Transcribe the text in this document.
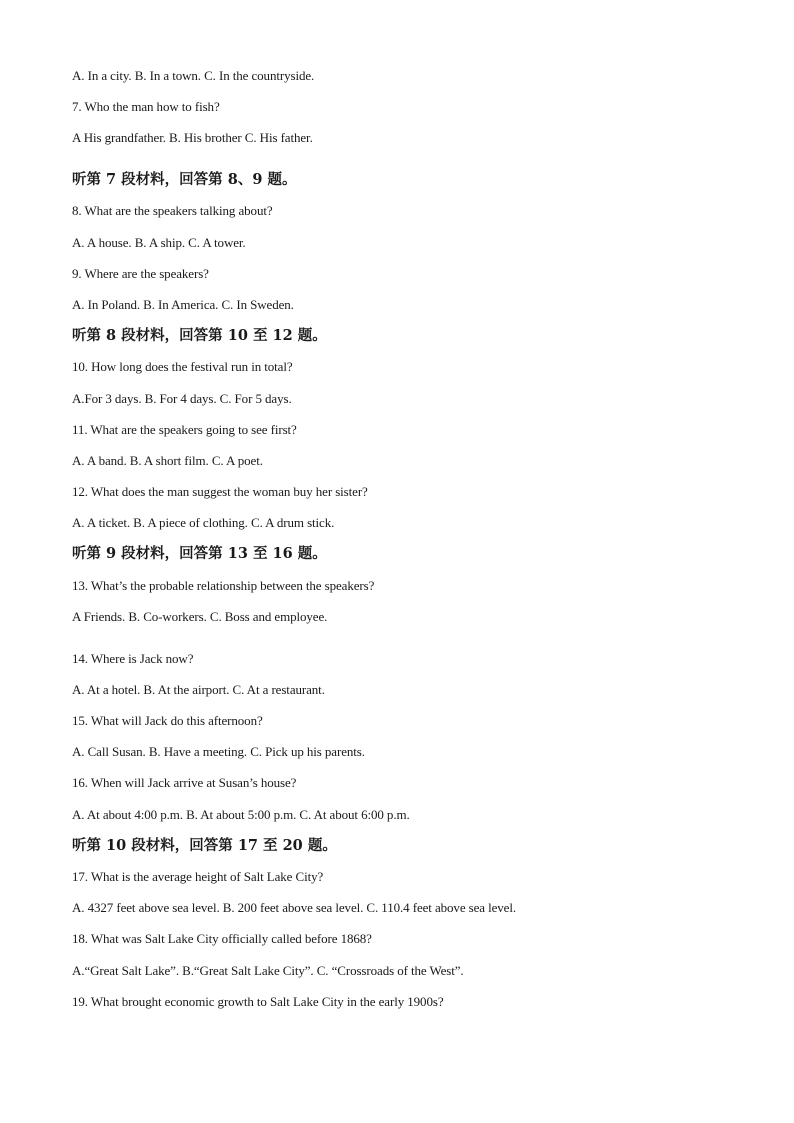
A. In a city. B. In a town. C. In the countryside.
7. Who the man how to fish?
A His grandfather. B. His brother C. His father.
听第 7 段材料，回答第 8、9 题。
8. What are the speakers talking about?
A. A house. B. A ship. C. A tower.
9. Where are the speakers?
A. In Poland. B. In America. C. In Sweden.
听第 8 段材料，回答第 10 至 12 题。
10. How long does the festival run in total?
A.For 3 days. B. For 4 days. C. For 5 days.
11. What are the speakers going to see first?
A. A band. B. A short film. C. A poet.
12. What does the man suggest the woman buy her sister?
A. A ticket. B. A piece of clothing. C. A drum stick.
听第 9 段材料，回答第 13 至 16 题。
13. What’s the probable relationship between the speakers?
A Friends. B. Co-workers. C. Boss and employee.
14. Where is Jack now?
A. At a hotel. B. At the airport. C. At a restaurant.
15. What will Jack do this afternoon?
A. Call Susan. B. Have a meeting. C. Pick up his parents.
16. When will Jack arrive at Susan’s house?
A. At about 4:00 p.m. B. At about 5:00 p.m. C. At about 6:00 p.m.
听第 10 段材料，回答第 17 至 20 题。
17. What is the average height of Salt Lake City?
A. 4327 feet above sea level. B. 200 feet above sea level. C. 110.4 feet above sea level.
18. What was Salt Lake City officially called before 1868?
A.“Great Salt Lake”. B.“Great Salt Lake City”. C. “Crossroads of the West”.
19. What brought economic growth to Salt Lake City in the early 1900s?
